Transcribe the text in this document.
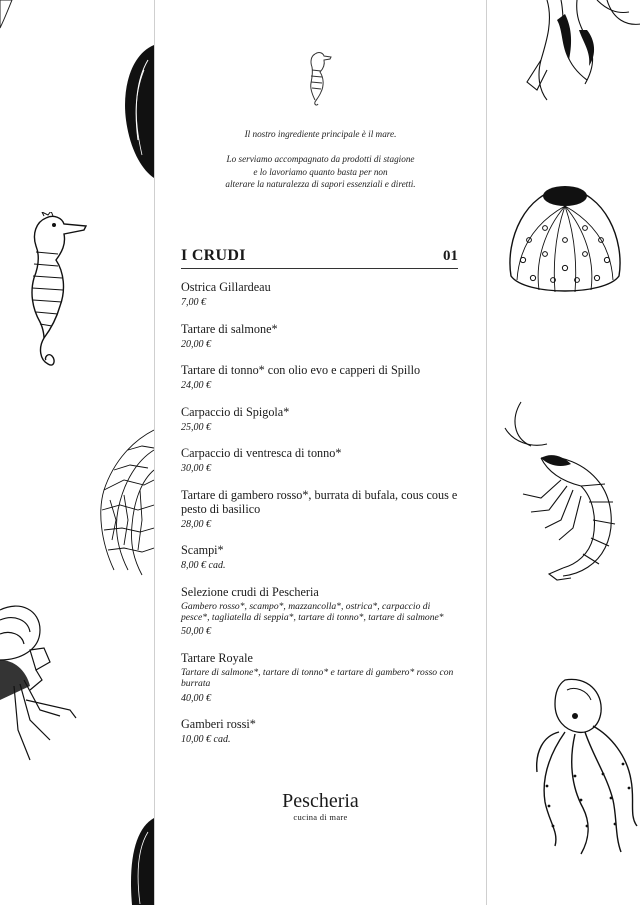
Il nostro ingrediente principale è il mare.

Lo serviamo accompagnato da prodotti di stagione

e lo lavoriamo quanto basta per non

alterare la naturalezza di sapori essenziali e diretti.

I CRUDI	01
Ostrica Gillardeau
7,00 €
Tartare di salmone*
20,00 €
Tartare di tonno* con olio evo e capperi di Spillo
24,00 €
Carpaccio di Spigola*
25,00 €
Carpaccio di ventresca di tonno*
30,00 €
Tartare di gambero rosso*, burrata di bufala, cous cous e pesto di basilico
28,00 €
Scampi*
8,00 € cad.
Selezione crudi di Pescheria
Gambero rosso*, scampo*, mazzancolla*, ostrica*, carpaccio di pesce*, tagliatella di seppia*, tartare di tonno*, tartare di salmone*
50,00 €
Tartare Royale
Tartare di salmone*, tartare di tonno* e tartare di gambero* rosso con burrata
40,00 €
Gamberi rossi*
10,00 € cad.
Pescheria
cucina di mare
